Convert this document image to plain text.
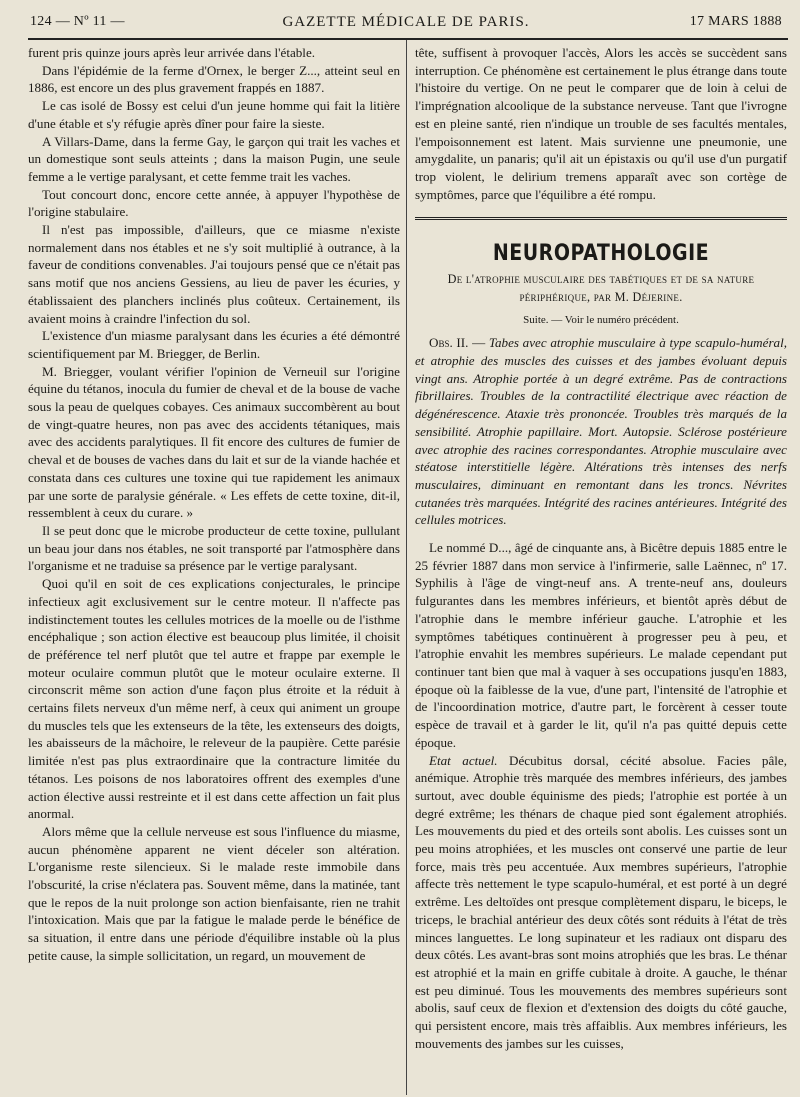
124 — Nº 11 —	GAZETTE MÉDICALE DE PARIS.	17 MARS 1888

furent pris quinze jours après leur arrivée dans l'étable.

Dans l'épidémie de la ferme d'Ornex, le berger Z..., atteint seul en 1886, est encore un des plus gravement frappés en 1887.

Le cas isolé de Bossy est celui d'un jeune homme qui fait la litière d'une étable et s'y réfugie après dîner pour faire la sieste.

A Villars-Dame, dans la ferme Gay, le garçon qui trait les vaches et un domestique sont seuls atteints ; dans la maison Pugin, une seule femme a le vertige paralysant, et cette femme trait les vaches.

Tout concourt donc, encore cette année, à appuyer l'hypothèse de l'origine stabulaire.

Il n'est pas impossible, d'ailleurs, que ce miasme n'existe normalement dans nos étables et ne s'y soit multiplié à outrance, à la faveur de conditions convenables. J'ai toujours pensé que ce n'était pas sans motif que nos anciens Gessiens, au lieu de paver les écuries, y établissaient des planchers inclinés plus coûteux. Certainement, ils avaient moins à craindre l'infection du sol.

L'existence d'un miasme paralysant dans les écuries a été démontré scientifiquement par M. Briegger, de Berlin.

M. Briegger, voulant vérifier l'opinion de Verneuil sur l'origine équine du tétanos, inocula du fumier de cheval et de la bouse de vache sous la peau de quelques cobayes. Ces animaux succombèrent au bout de vingt-quatre heures, non pas avec des accidents tétaniques, mais avec des accidents paralytiques. Il fit encore des cultures de fumier de cheval et de bouses de vaches dans du lait et sur de la viande hachée et constata dans ces cultures une toxine qui tue rapidement les animaux par une sorte de paralysie générale. « Les effets de cette toxine, dit-il, ressemblent à ceux du curare. »

Il se peut donc que le microbe producteur de cette toxine, pullulant un beau jour dans nos étables, ne soit transporté par l'atmosphère dans l'organisme et ne traduise sa présence par le vertige paralysant.

Quoi qu'il en soit de ces explications conjecturales, le principe infectieux agit exclusivement sur le centre moteur. Il n'affecte pas indistinctement toutes les cellules motrices de la moelle ou de l'isthme encéphalique ; son action élective est beaucoup plus limitée, il choisit de préférence tel nerf plutôt que tel autre et frappe par exemple le moteur oculaire commun plutôt que le moteur oculaire externe. Il circonscrit même son action d'une façon plus étroite et la réduit à certains filets nerveux d'un même nerf, à ceux qui animent un groupe du muscles tels que les extenseurs de la tête, les extenseurs des doigts, les abaisseurs de la mâchoire, le releveur de la paupière. Cette parésie limitée n'est pas plus extraordinaire que la contracture limitée du tétanos. Les poisons de nos laboratoires offrent des exemples d'une action élective aussi restreinte et il est dans cette affection un fait plus anormal.

Alors même que la cellule nerveuse est sous l'influence du miasme, aucun phénomène apparent ne vient déceler son altération. L'organisme reste silencieux. Si le malade reste immobile dans l'obscurité, la crise n'éclatera pas. Souvent même, dans la matinée, tant que le repos de la nuit prolonge son action bienfaisante, rien ne trahit l'intoxication. Mais que par la fatigue le malade perde le bénéfice de sa situation, il entre dans une période d'équilibre instable où la plus petite cause, la simple sollicitation, un regard, un mouvement de

tête, suffisent à provoquer l'accès, Alors les accès se succèdent sans interruption. Ce phénomène est certainement le plus étrange dans toute l'histoire du vertige. On ne peut le comparer que de loin à celui de l'imprégnation alcoolique de la substance nerveuse. Tant que l'ivrogne est en pleine santé, rien n'indique un trouble de ses facultés mentales, l'empoisonnement est latent. Mais survienne une pneumonie, une amygdalite, un panaris; qu'il ait un épistaxis ou qu'il use d'un purgatif trop violent, le delirium tremens apparaît avec son cortège de symptômes, parce que l'équilibre a été rompu.

NEUROPATHOLOGIE
De l'atrophie musculaire des tabétiques et de sa nature
périphérique, par M. Déjerine.
Suite. — Voir le numéro précédent.

Obs. II. — Tabes avec atrophie musculaire à type scapulo-huméral, et atrophie des muscles des cuisses et des jambes évoluant depuis vingt ans. Atrophie portée à un degré extrême. Pas de contractions fibrillaires. Troubles de la contractilité électrique avec réaction de dégénérescence. Ataxie très prononcée. Troubles très marqués de la sensibilité. Atrophie papillaire. Mort. Autopsie. Sclérose postérieure avec atrophie des racines correspondantes. Atrophie musculaire avec stéatose interstitielle légère. Altérations très intenses des nerfs musculaires, diminuant en remontant dans les troncs. Névrites cutanées très marquées. Intégrité des racines antérieures. Intégrité des cellules motrices.

Le nommé D..., âgé de cinquante ans, à Bicêtre depuis 1885 entre le 25 février 1887 dans mon service à l'infirmerie, salle Laënnec, nº 17. Syphilis à l'âge de vingt-neuf ans. A trente-neuf ans, douleurs fulgurantes dans les membres inférieurs, et bientôt après début de l'atrophie dans le membre inférieur gauche. L'atrophie et les symptômes tabétiques continuèrent à progresser peu à peu, et l'atrophie envahit les membres supérieurs. Le malade cependant put continuer tant bien que mal à vaquer à ses occupations jusqu'en 1883, époque où la faiblesse de la vue, d'une part, l'intensité de l'atrophie et de l'incoordination motrice, d'autre part, le forcèrent à cesser toute espèce de travail et à garder le lit, qu'il n'a pas quitté depuis cette époque.

Etat actuel. Décubitus dorsal, cécité absolue. Facies pâle, anémique. Atrophie très marquée des membres inférieurs, des jambes surtout, avec double équinisme des pieds; l'atrophie est portée à un degré extrême; les thénars de chaque pied sont également atrophiés. Les mouvements du pied et des orteils sont abolis. Les cuisses sont un peu moins atrophiées, et les muscles ont conservé une partie de leur force, mais très peu accentuée. Aux membres supérieurs, l'atrophie affecte très nettement le type scapulo-huméral, et est porté à un degré extrême. Les deltoïdes ont presque complètement disparu, le biceps, le triceps, le brachial antérieur des deux côtés sont réduits à l'état de très minces languettes. Le long supinateur et les radiaux ont disparu des deux côtés. Les avant-bras sont moins atrophiés que les bras. Le thénar est atrophié et la main en griffe cubitale à droite. A gauche, le thénar est peu diminué. Tous les mouvements des membres supérieurs sont abolis, sauf ceux de flexion et d'extension des doigts du côté gauche, qui persistent encore, mais très affaiblis. Aux membres inférieurs, les mouvements des jambes sur les cuisses,
